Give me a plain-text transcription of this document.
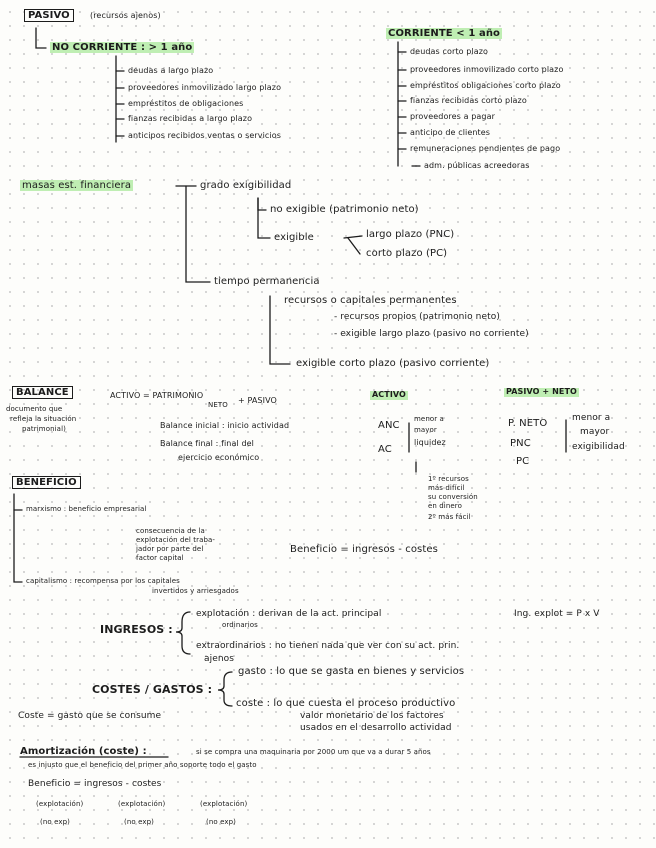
PASIVO	(recursos ajenos)
NO CORRIENTE : > 1 año
deudas a largo plazo
proveedores inmovilizado largo plazo
empréstitos de obligaciones
fianzas recibidas a largo plazo
anticipos recibidos ventas o servicios
CORRIENTE < 1 año
deudas corto plazo
proveedores inmovilizado corto plazo
empréstitos obligaciones corto plazo
fianzas recibidas corto plazo
proveedores a pagar
anticipo de clientes
remuneraciones pendientes de pago
adm. públicas acreedoras
masas est. financiera	grado exigibilidad
no exigible (patrimonio neto)
exigible	largo plazo (PNC)
corto plazo (PC)
tiempo permanencia
recursos o capitales permanentes
- recursos propios (patrimonio neto)
- exigible largo plazo (pasivo no corriente)
exigible corto plazo (pasivo corriente)
BALANCE
documento que
refleja la situación
patrimonial)
ACTIVO = PATRIMONIO
NETO + PASIVO
Balance inicial : inicio actividad
Balance final : final del
ejercicio económico
ACTIVO
ANC
AC
menor a
mayor
liquidez
1º recursos
más difícil
su conversión
en dinero
2º más fácil
PASIVO + NETO
P. NETO
PNC
PC
menor a
mayor
exigibilidad
BENEFICIO
marxismo : beneficio empresarial
consecuencia de la
explotación del traba-
jador por parte del
factor capital
capitalismo : recompensa por los capitales
invertidos y arriesgados
Beneficio = ingresos - costes
INGRESOS :
explotación : derivan de la act. principal
ordinarios
Ing. explot = P x V
extraordinarios : no tienen nada que ver con su act. prin.
ajenos
COSTES / GASTOS :
gasto : lo que se gasta en bienes y servicios
coste : lo que cuesta el proceso productivo
valor monetario de los factores
usados en el desarrollo actividad
Coste = gasto que se consume
Amortización (coste) :	si se compra una maquinaria por 2000 um que va a durar 5 años
es injusto que el beneficio del primer año soporte todo el gasto
Beneficio = ingresos - costes
(explotación)	(explotación)	(explotación)
(no exp)	(no exp)	(no exp)
